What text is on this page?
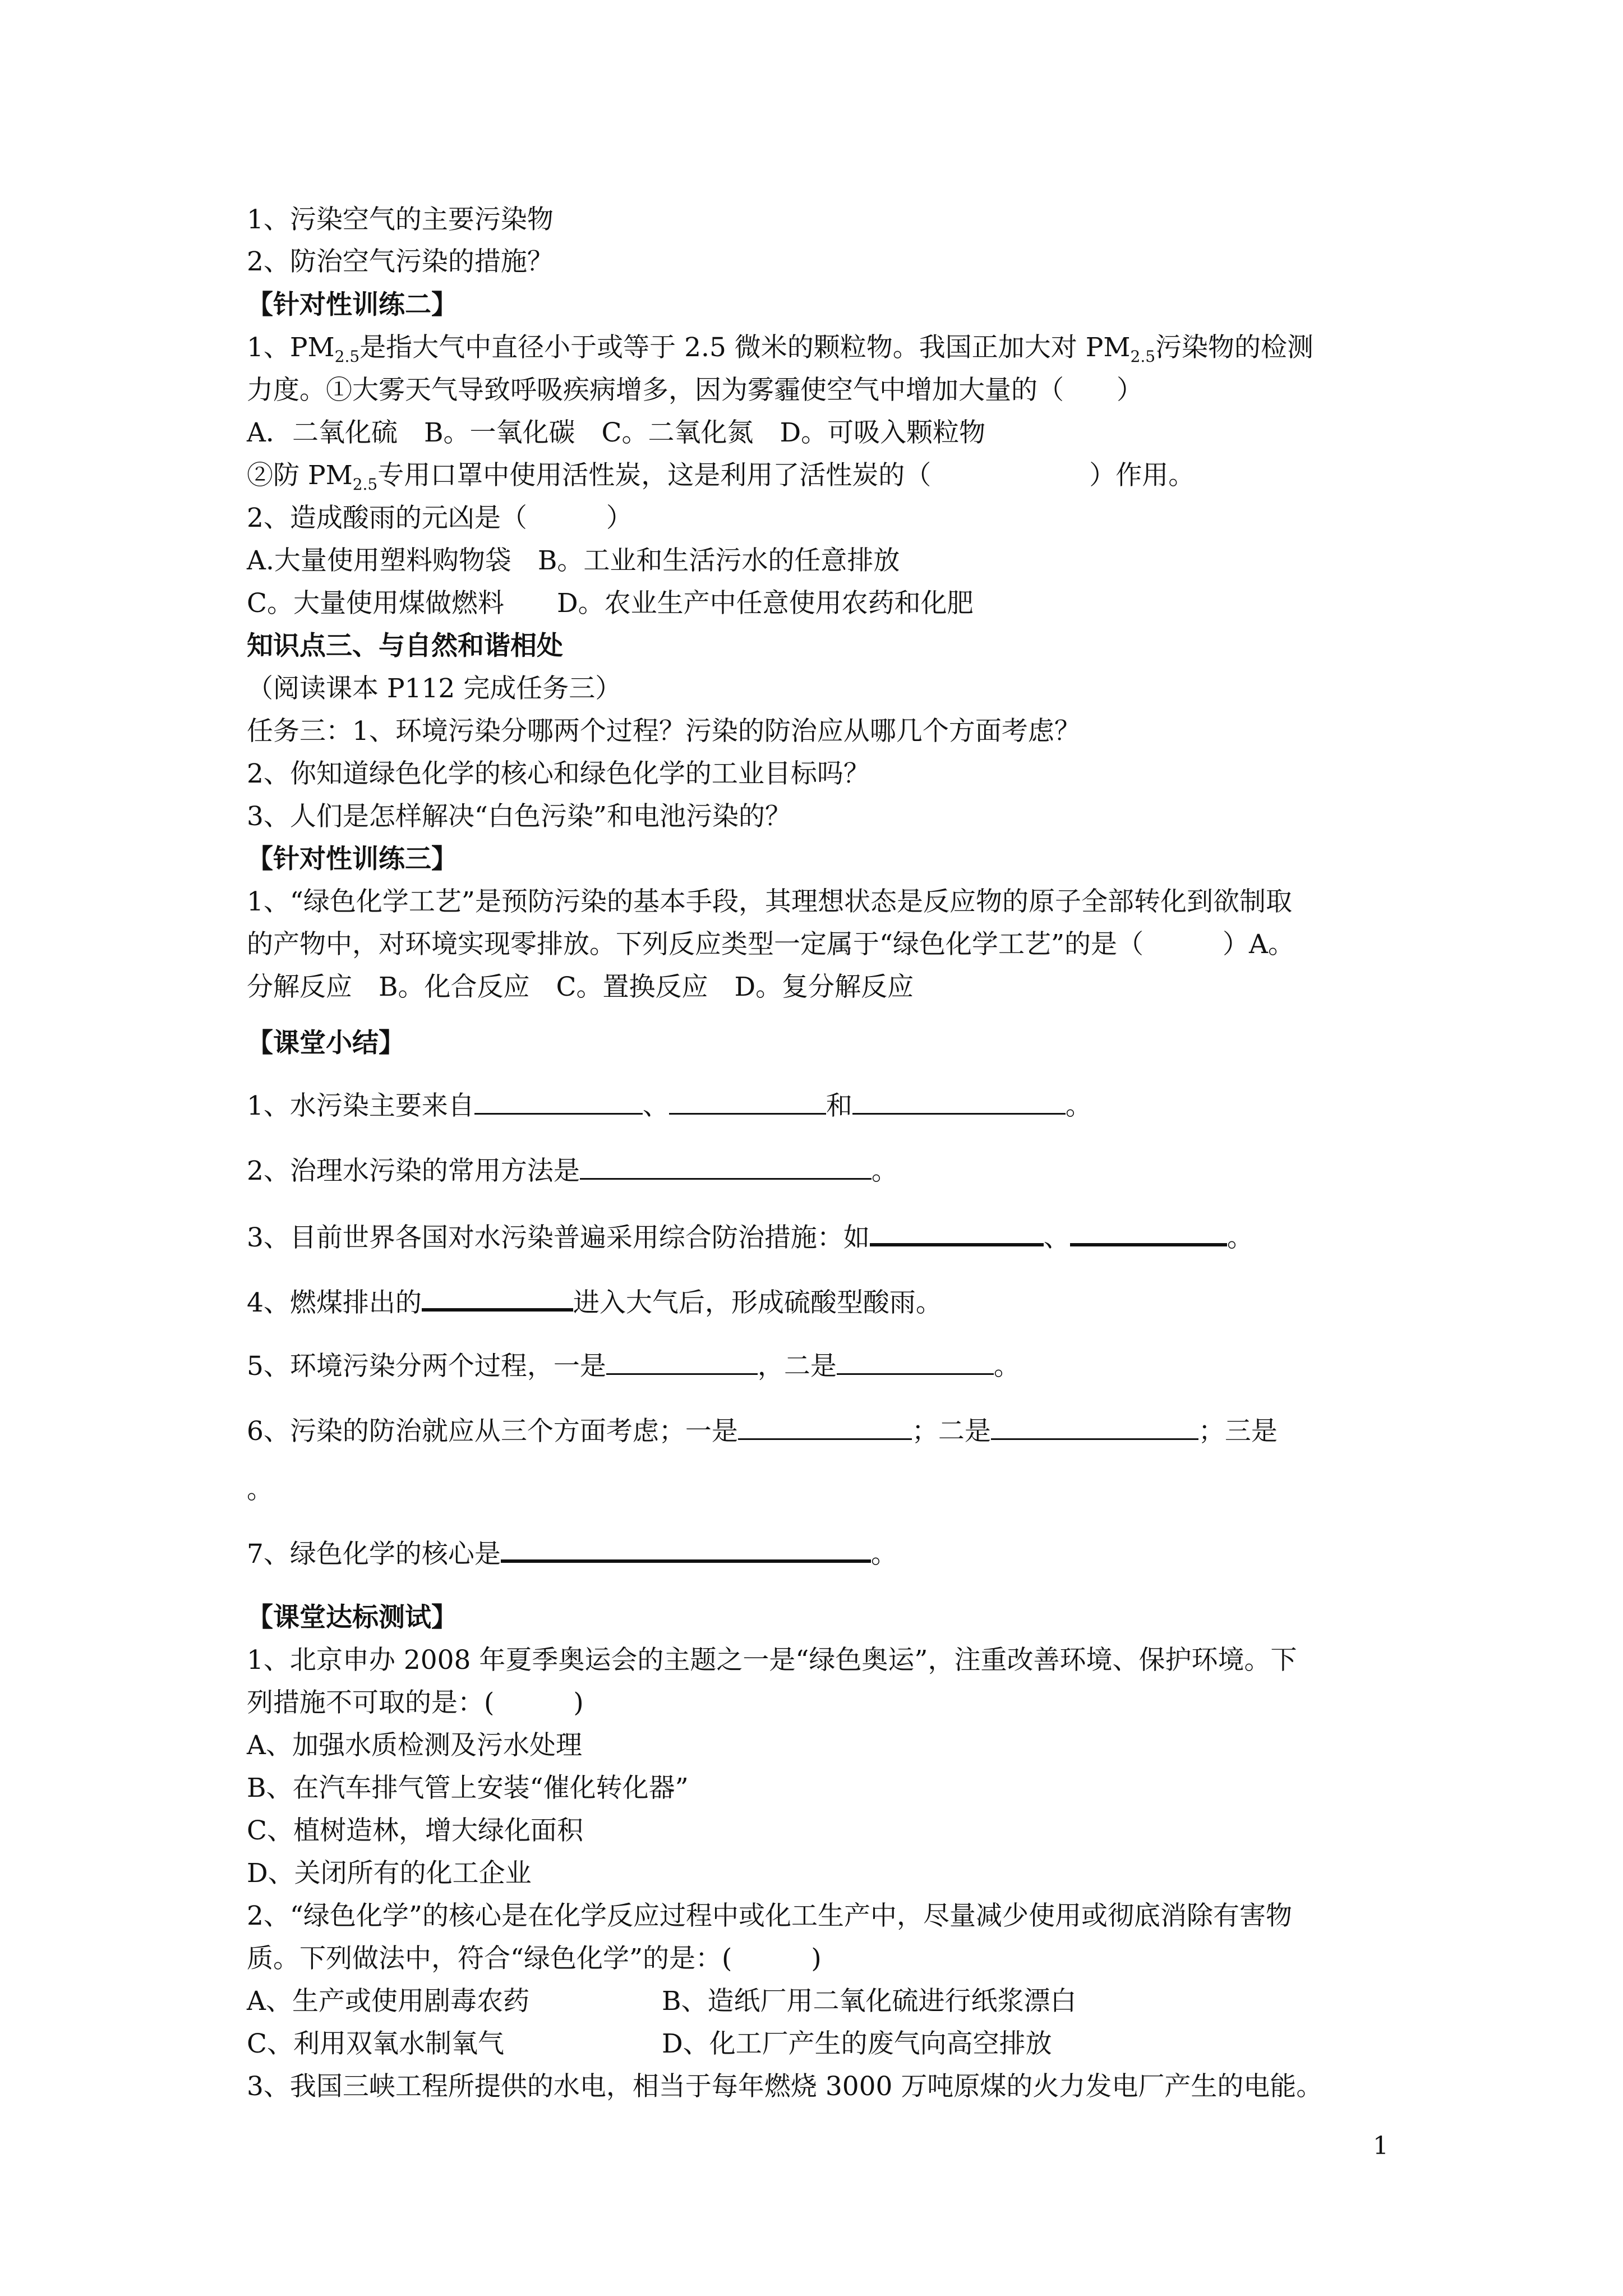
1、污染空气的主要污染物
2、防治空气污染的措施？
【针对性训练二】
1、$PM_{2.5}$是指大气中直径小于或等于 2.5 微米的颗粒物。我国正加大对 $PM_{2.5}$污染物的检测
力度。①大雾天气导致呼吸疾病增多，因为雾霾使空气中增加大量的（　　）
A．二氧化硫　B。一氧化碳　C。二氧化氮　D。可吸入颗粒物
②防 $PM_{2.5}$专用口罩中使用活性炭，这是利用了活性炭的（　　　　　　）作用。
2、造成酸雨的元凶是（　　　）
A.大量使用塑料购物袋　B。工业和生活污水的任意排放
C。大量使用煤做燃料　　D。农业生产中任意使用农药和化肥
知识点三、与自然和谐相处
（阅读课本 P112 完成任务三）
任务三：1、环境污染分哪两个过程？污染的防治应从哪几个方面考虑？
2、你知道绿色化学的核心和绿色化学的工业目标吗？
3、人们是怎样解决“白色污染”和电池污染的？
【针对性训练三】
1、“绿色化学工艺”是预防污染的基本手段，其理想状态是反应物的原子全部转化到欲制取
的产物中，对环境实现零排放。下列反应类型一定属于“绿色化学工艺”的是（　　　）A。
分解反应　B。化合反应　C。置换反应　D。复分解反应
【课堂小结】
1、水污染主要来自	、	和	。
2、治理水污染的常用方法是	。
3、目前世界各国对水污染普遍采用综合防治措施：如	、	。
4、燃煤排出的	进入大气后，形成硫酸型酸雨。
5、环境污染分两个过程，一是	，二是	。
6、污染的防治就应从三个方面考虑；一是	；二是	；三是
。
7、绿色化学的核心是	。
【课堂达标测试】
1、北京申办 2008 年夏季奥运会的主题之一是“绿色奥运”，注重改善环境、保护环境。下
列措施不可取的是：(　　　)
A、加强水质检测及污水处理
B、在汽车排气管上安装“催化转化器”
C、植树造林，增大绿化面积
D、关闭所有的化工企业
2、“绿色化学”的核心是在化学反应过程中或化工生产中，尽量减少使用或彻底消除有害物
质。下列做法中，符合“绿色化学”的是：(　　　)
A、生产或使用剧毒农药	B、造纸厂用二氧化硫进行纸浆漂白
C、利用双氧水制氧气	D、化工厂产生的废气向高空排放
3、我国三峡工程所提供的水电，相当于每年燃烧 3000 万吨原煤的火力发电厂产生的电能。
1
